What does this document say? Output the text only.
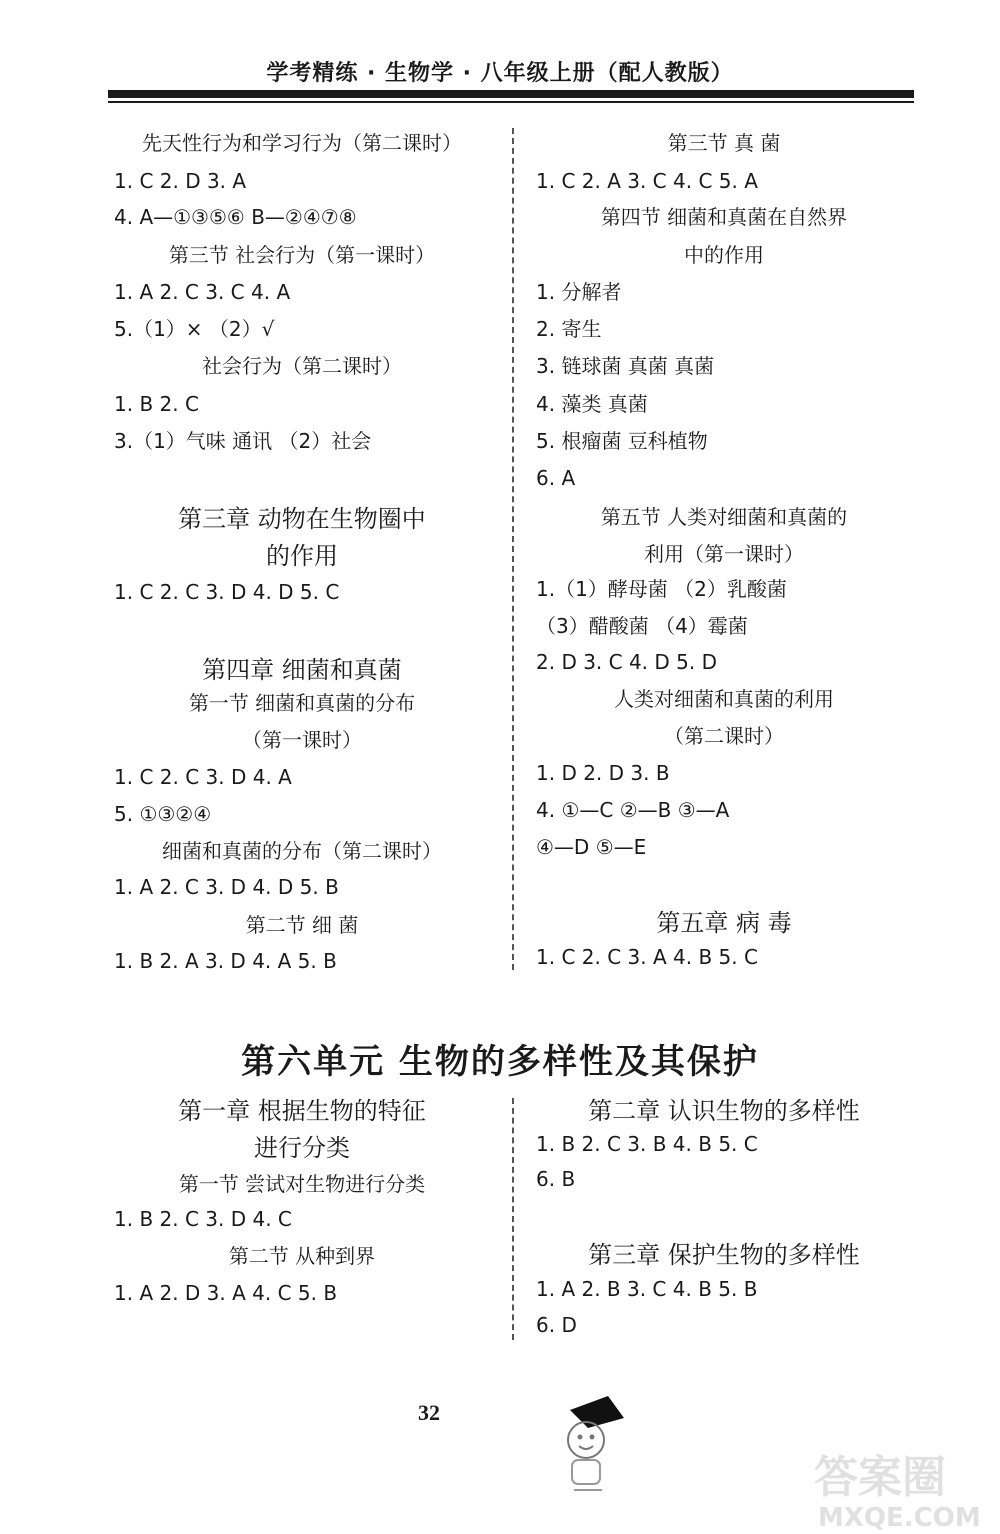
学考精练 · 生物学 · 八年级上册（配人教版）
先天性行为和学习行为（第二课时）
1. C 2. D 3. A
4. A—①③⑤⑥ B—②④⑦⑧
第三节 社会行为（第一课时）
1. A 2. C 3. C 4. A
5.（1）× （2）√
社会行为（第二课时）
1. B 2. C
3.（1）气味 通讯 （2）社会
第三章 动物在生物圈中
的作用
1. C 2. C 3. D 4. D 5. C
第四章 细菌和真菌
第一节 细菌和真菌的分布
（第一课时）
1. C 2. C 3. D 4. A
5. ①③②④
细菌和真菌的分布（第二课时）
1. A 2. C 3. D 4. D 5. B
第二节 细 菌
1. B 2. A 3. D 4. A 5. B
第三节 真 菌
1. C 2. A 3. C 4. C 5. A
第四节 细菌和真菌在自然界
中的作用
1. 分解者
2. 寄生
3. 链球菌 真菌 真菌
4. 藻类 真菌
5. 根瘤菌 豆科植物
6. A
第五节 人类对细菌和真菌的
利用（第一课时）
1.（1）酵母菌 （2）乳酸菌
（3）醋酸菌 （4）霉菌
2. D 3. C 4. D 5. D
人类对细菌和真菌的利用
（第二课时）
1. D 2. D 3. B
4. ①—C ②—B ③—A
④—D ⑤—E
第五章 病 毒
1. C 2. C 3. A 4. B 5. C
第六单元 生物的多样性及其保护
第一章 根据生物的特征
进行分类
第一节 尝试对生物进行分类
1. B 2. C 3. D 4. C
第二节 从种到界
1. A 2. D 3. A 4. C 5. B
第二章 认识生物的多样性
1. B 2. C 3. B 4. B 5. C
6. B
第三章 保护生物的多样性
1. A 2. B 3. C 4. B 5. B
6. D
32
答案圈
MXQE.COM
